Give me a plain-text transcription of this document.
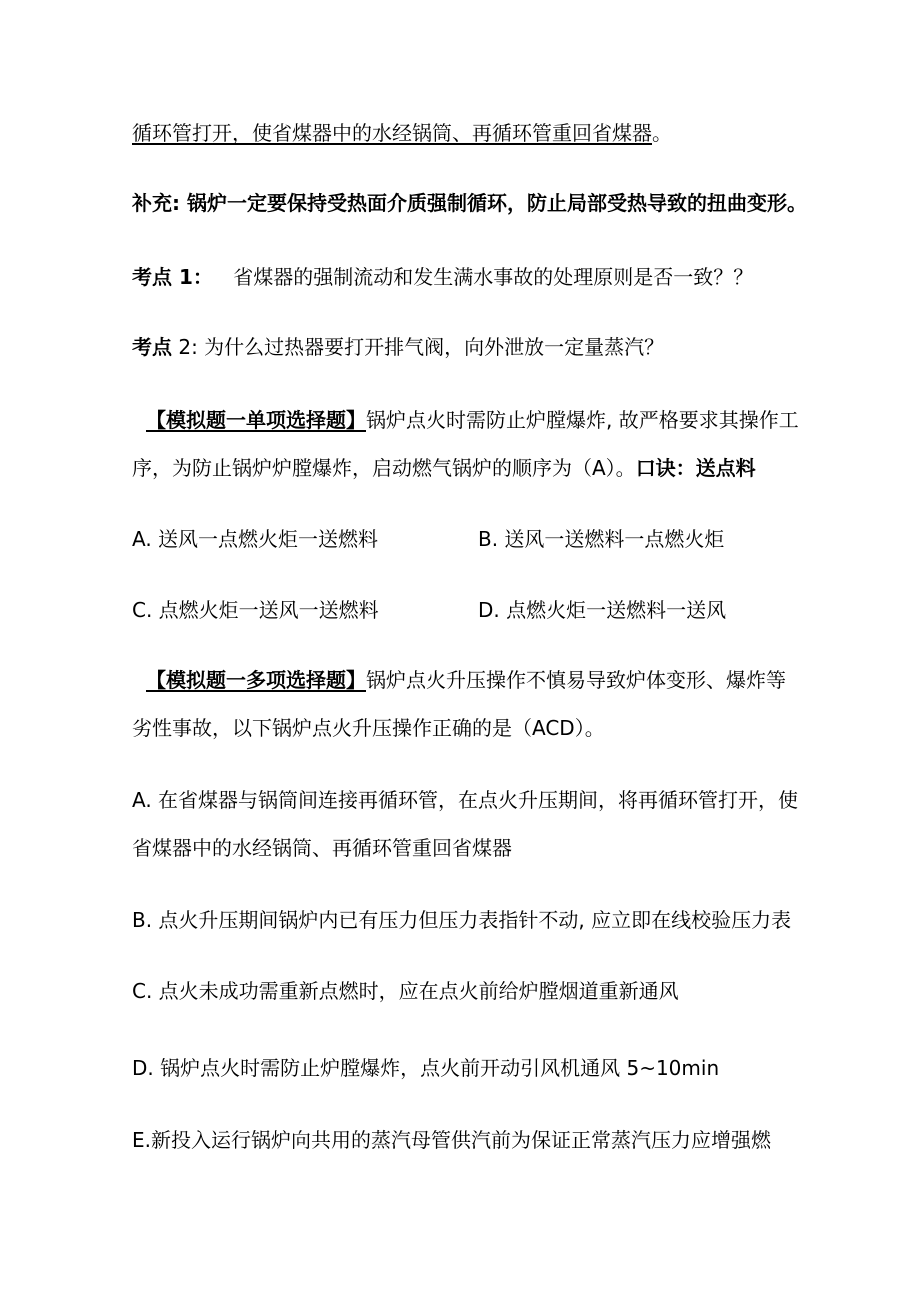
循环管打开，使省煤器中的水经锅筒、再循环管重回省煤器。
补充: 锅炉一定要保持受热面介质强制循环，防止局部受热导致的扭曲变形。
考点 1： 省煤器的强制流动和发生满水事故的处理原则是否一致？？
考点 2: 为什么过热器要打开排气阀，向外泄放一定量蒸汽？
【模拟题一单项选择题】锅炉点火时需防止炉膛爆炸, 故严格要求其操作工
序，为防止锅炉炉膛爆炸，启动燃气锅炉的顺序为（A）。口诀：送点料
A. 送风一点燃火炬一送燃料	B. 送风一送燃料一点燃火炬
C. 点燃火炬一送风一送燃料	D. 点燃火炬一送燃料一送风
【模拟题一多项选择题】锅炉点火升压操作不慎易导致炉体变形、爆炸等
劣性事故，以下锅炉点火升压操作正确的是（ACD）。
A. 在省煤器与锅筒间连接再循环管，在点火升压期间，将再循环管打开，使
省煤器中的水经锅筒、再循环管重回省煤器
B. 点火升压期间锅炉内已有压力但压力表指针不动, 应立即在线校验压力表
C. 点火未成功需重新点燃时，应在点火前给炉膛烟道重新通风
D. 锅炉点火时需防止炉膛爆炸，点火前开动引风机通风 5~10min
E.新投入运行锅炉向共用的蒸汽母管供汽前为保证正常蒸汽压力应增强燃
